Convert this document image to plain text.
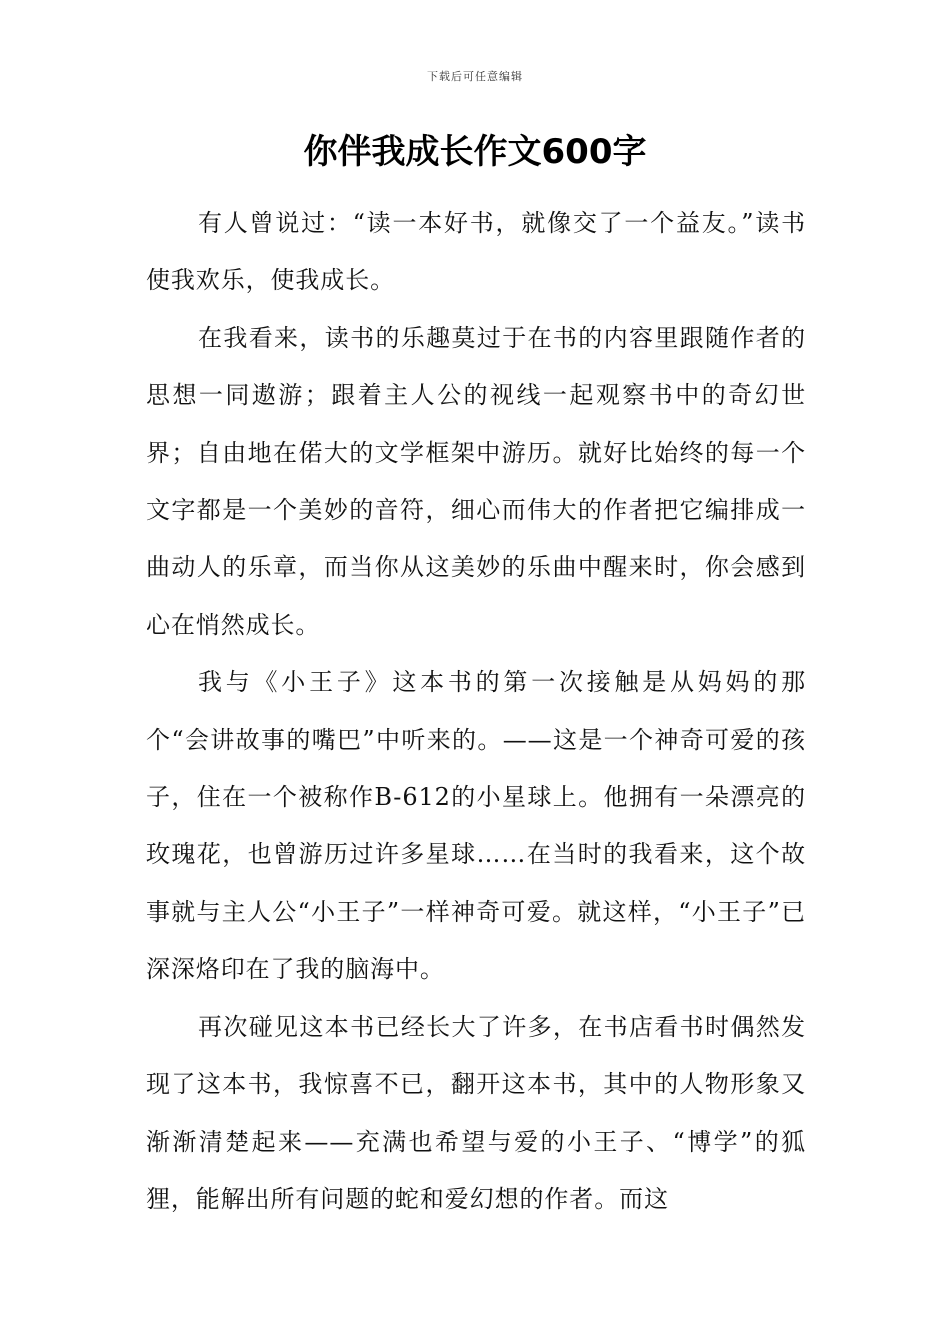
下载后可任意编辑
你伴我成长作文600字

有人曾说过：“读一本好书，就像交了一个益友。”读书使我欢乐，使我成长。

在我看来，读书的乐趣莫过于在书的内容里跟随作者的思想一同遨游；跟着主人公的视线一起观察书中的奇幻世界；自由地在偌大的文学框架中游历。就好比始终的每一个文字都是一个美妙的音符，细心而伟大的作者把它编排成一曲动人的乐章，而当你从这美妙的乐曲中醒来时，你会感到心在悄然成长。

我与《小王子》这本书的第一次接触是从妈妈的那个“会讲故事的嘴巴”中听来的。——这是一个神奇可爱的孩子，住在一个被称作B-612的小星球上。他拥有一朵漂亮的玫瑰花，也曾游历过许多星球……在当时的我看来，这个故事就与主人公“小王子”一样神奇可爱。就这样，“小王子”已深深烙印在了我的脑海中。

再次碰见这本书已经长大了许多，在书店看书时偶然发现了这本书，我惊喜不已，翻开这本书，其中的人物形象又渐渐清楚起来——充满也希望与爱的小王子、“博学”的狐狸，能解出所有问题的蛇和爱幻想的作者。而这
